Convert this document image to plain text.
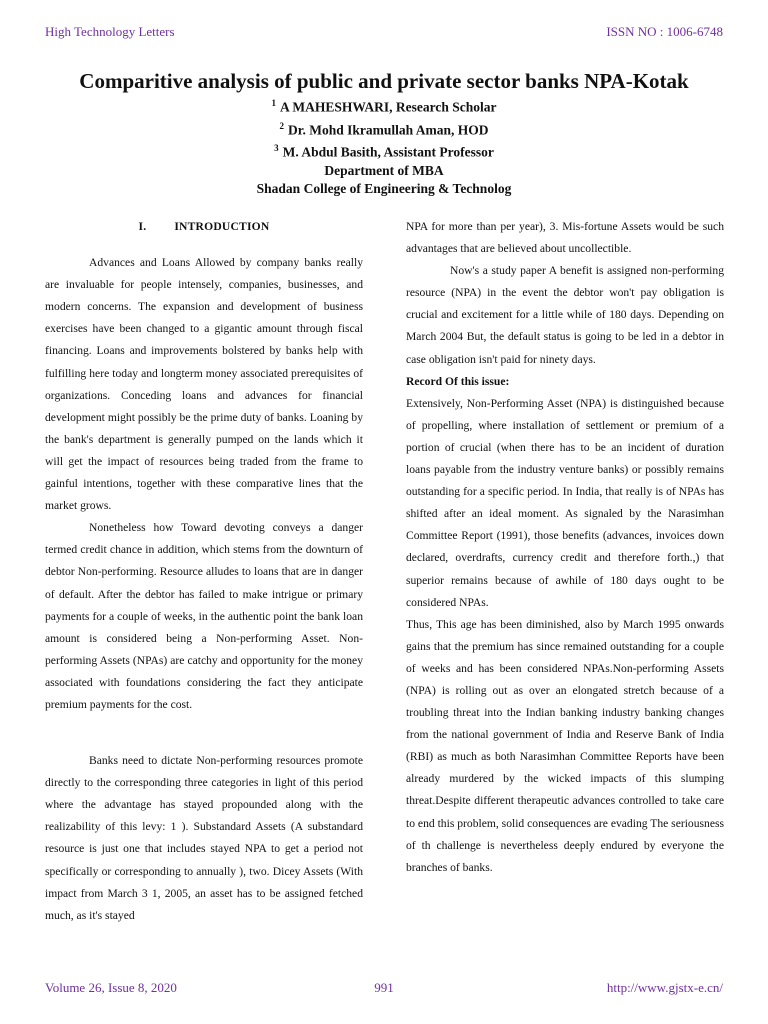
High Technology Letters	ISSN NO : 1006-6748
Comparitive analysis of public and private sector banks NPA-Kotak
$^1$ A MAHESHWARI, Research Scholar
$^2$ Dr. Mohd Ikramullah Aman, HOD
$^3$ M. Abdul Basith, Assistant Professor
Department of MBA
Shadan College of Engineering & Technolog

I. INTRODUCTION

Advances and Loans Allowed by company banks really are invaluable for people intensely, companies, businesses, and modern concerns. The expansion and development of business exercises have been changed to a gigantic amount through fiscal financing. Loans and improvements bolstered by banks help with fulfilling here today and longterm money associated prerequisites of organizations. Conceding loans and advances for financial development might possibly be the prime duty of banks. Loaning by the bank's department is generally pumped on the lands which it will get the impact of resources being traded from the frame to gainful intentions, together with these comparative lines that the market grows.

Nonetheless how Toward devoting conveys a danger termed credit chance in addition, which stems from the downturn of debtor Non-performing. Resource alludes to loans that are in danger of default. After the debtor has failed to make intrigue or primary payments for a couple of weeks, in the authentic point the bank loan amount is considered being a Non-performing Asset. Non-performing Assets (NPAs) are catchy and opportunity for the money associated with foundations considering the fact they anticipate premium payments for the cost.

Banks need to dictate Non-performing resources promote directly to the corresponding three categories in light of this period where the advantage has stayed propounded along with the realizability of this levy: 1 ). Substandard Assets (A substandard resource is just one that includes stayed NPA to get a period not specifically or corresponding to annually ), two. Dicey Assets (With impact from March 3 1, 2005, an asset has to be assigned fetched much, as it's stayed

NPA for more than per year), 3. Mis-fortune Assets would be such advantages that are believed about uncollectible.

Now's a study paper A benefit is assigned non-performing resource (NPA) in the event the debtor won't pay obligation is crucial and excitement for a little while of 180 days. Depending on March 2004 But, the default status is going to be led in a debtor in case obligation isn't paid for ninety days.

Record Of this issue:

Extensively, Non-Performing Asset (NPA) is distinguished because of propelling, where installation of settlement or premium of a portion of crucial (when there has to be an incident of duration loans payable from the industry venture banks) or possibly remains outstanding for a specific period. In India, that really is of NPAs has shifted after an ideal moment. As signaled by the Narasimhan Committee Report (1991), those benefits (advances, invoices down declared, overdrafts, currency credit and therefore forth.,) that superior remains because of awhile of 180 days ought to be considered NPAs.

Thus, This age has been diminished, also by March 1995 onwards gains that the premium has since remained outstanding for a couple of weeks and has been considered NPAs.Non-performing Assets (NPA) is rolling out as over an elongated stretch because of a troubling threat into the Indian banking industry banking changes from the national government of India and Reserve Bank of India (RBI) as much as both Narasimhan Committee Reports have been already murdered by the wicked impacts of this slumping threat.Despite different therapeutic advances controlled to take care to end this problem, solid consequences are evading The seriousness of th challenge is nevertheless deeply endured by everyone the branches of banks.

Volume 26, Issue 8, 2020	991	http://www.gjstx-e.cn/
